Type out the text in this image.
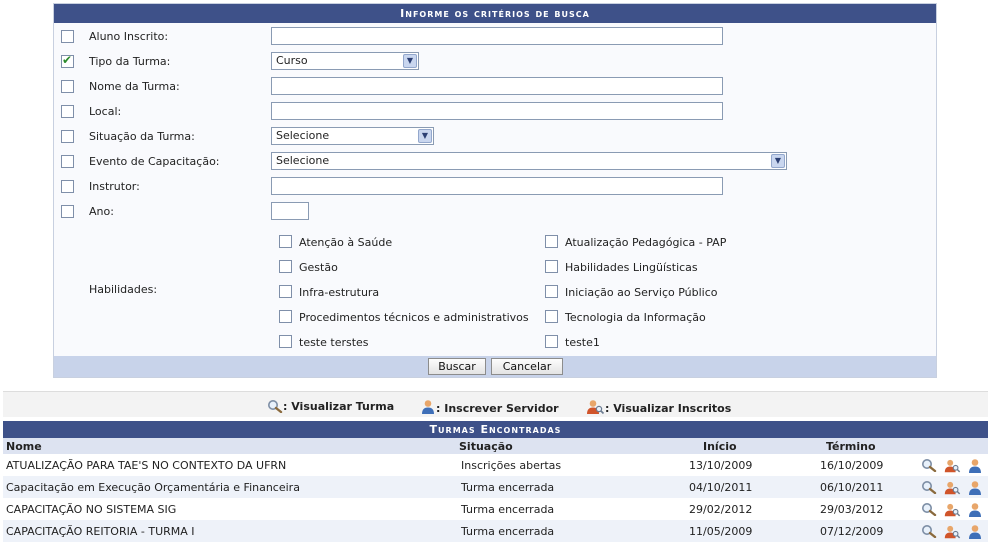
Informe os critérios de busca
Aluno Inscrito:
✔
Tipo da Turma:	Curso	▼
Nome da Turma:
Local:
Situação da Turma:	Selecione	▼
Evento de Capacitação:	Selecione	▼
Instrutor:
Ano:
Habilidades:
Atenção à Saúde	Atualização Pedagógica - PAP
Gestão	Habilidades Lingüísticas
Infra-estrutura	Iniciação ao Serviço Público
Procedimentos técnicos e administrativos	Tecnologia da Informação
teste terstes	teste1
Buscar	Cancelar
: Visualizar Turma	: Inscrever Servidor	: Visualizar Inscritos
Turmas Encontradas
Nome	Situação	Início	Término
ATUALIZAÇÃO PARA TAE'S NO CONTEXTO DA UFRN	Inscrições abertas	13/10/2009	16/10/2009
Capacitação em Execução Orçamentária e Financeira	Turma encerrada	04/10/2011	06/10/2011
CAPACITAÇÃO NO SISTEMA SIG	Turma encerrada	29/02/2012	29/03/2012
CAPACITAÇÃO REITORIA - TURMA I	Turma encerrada	11/05/2009	07/12/2009
